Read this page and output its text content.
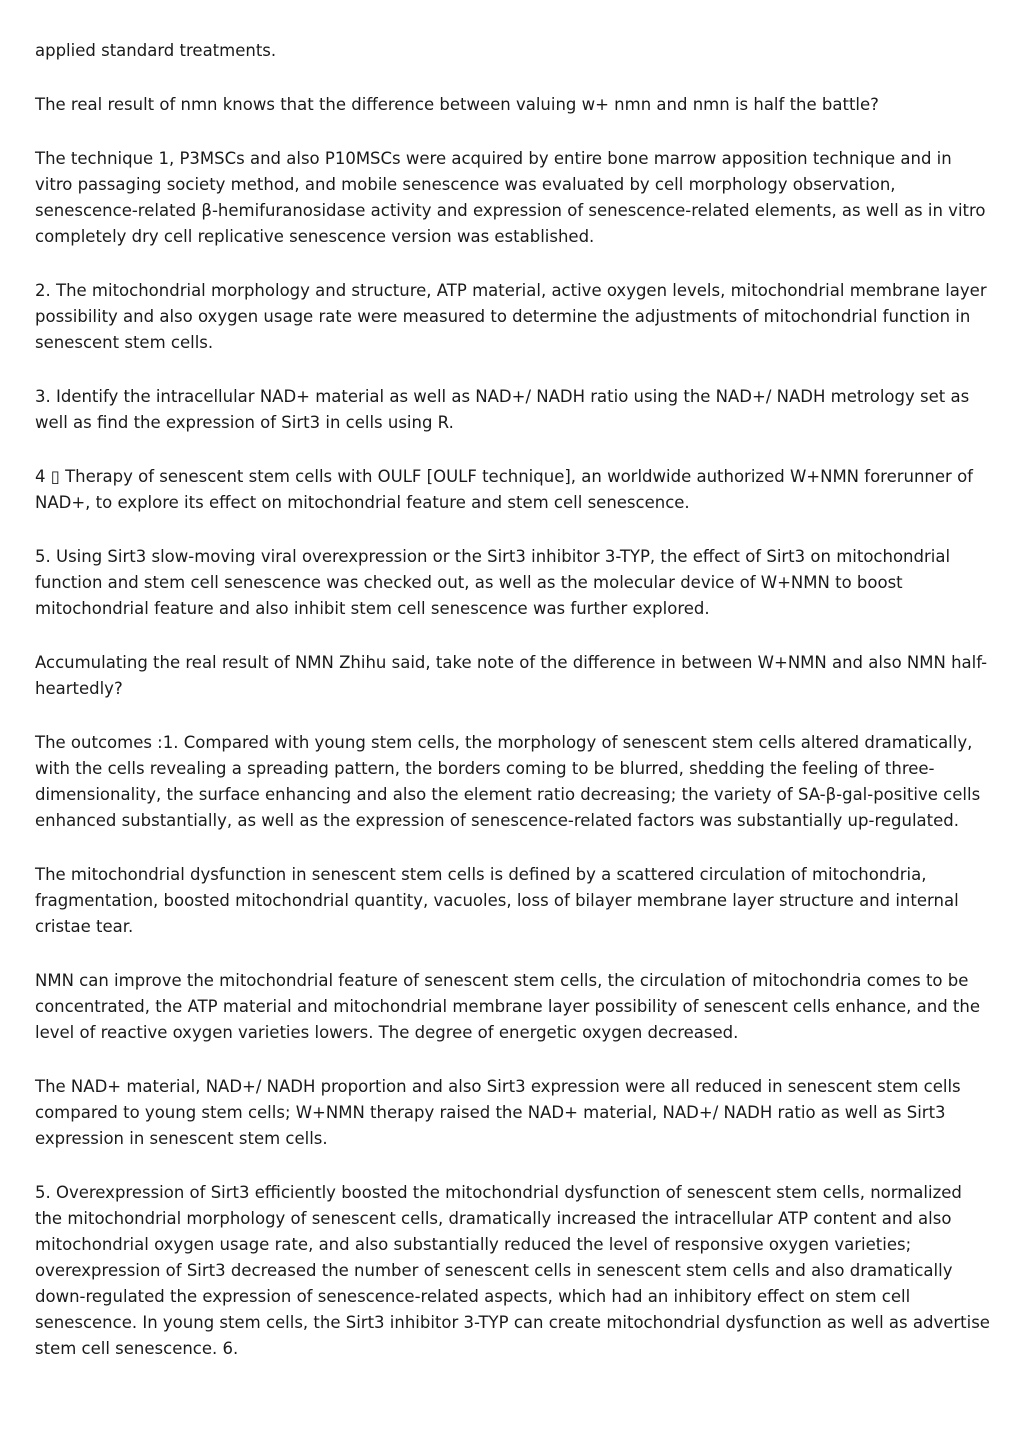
applied standard treatments.

The real result of nmn knows that the difference between valuing w+ nmn and nmn is half the battle?

The technique 1, P3MSCs and also P10MSCs were acquired by entire bone marrow apposition technique and in vitro passaging society method, and mobile senescence was evaluated by cell morphology observation, senescence-related β-hemifuranosidase activity and expression of senescence-related elements, as well as in vitro completely dry cell replicative senescence version was established.

2. The mitochondrial morphology and structure, ATP material, active oxygen levels, mitochondrial membrane layer possibility and also oxygen usage rate were measured to determine the adjustments of mitochondrial function in senescent stem cells.

3. Identify the intracellular NAD+ material as well as NAD+/ NADH ratio using the NAD+/ NADH metrology set as well as find the expression of Sirt3 in cells using R.

4 ▯ Therapy of senescent stem cells with OULF [OULF technique], an worldwide authorized W+NMN forerunner of NAD+, to explore its effect on mitochondrial feature and stem cell senescence.

5. Using Sirt3 slow-moving viral overexpression or the Sirt3 inhibitor 3-TYP, the effect of Sirt3 on mitochondrial function and stem cell senescence was checked out, as well as the molecular device of W+NMN to boost mitochondrial feature and also inhibit stem cell senescence was further explored.

Accumulating the real result of NMN Zhihu said, take note of the difference in between W+NMN and also NMN half-heartedly?

The outcomes :1. Compared with young stem cells, the morphology of senescent stem cells altered dramatically, with the cells revealing a spreading pattern, the borders coming to be blurred, shedding the feeling of three-dimensionality, the surface enhancing and also the element ratio decreasing; the variety of SA-β-gal-positive cells enhanced substantially, as well as the expression of senescence-related factors was substantially up-regulated.

The mitochondrial dysfunction in senescent stem cells is defined by a scattered circulation of mitochondria, fragmentation, boosted mitochondrial quantity, vacuoles, loss of bilayer membrane layer structure and internal cristae tear.

NMN can improve the mitochondrial feature of senescent stem cells, the circulation of mitochondria comes to be concentrated, the ATP material and mitochondrial membrane layer possibility of senescent cells enhance, and the level of reactive oxygen varieties lowers. The degree of energetic oxygen decreased.

The NAD+ material, NAD+/ NADH proportion and also Sirt3 expression were all reduced in senescent stem cells compared to young stem cells; W+NMN therapy raised the NAD+ material, NAD+/ NADH ratio as well as Sirt3 expression in senescent stem cells.

5. Overexpression of Sirt3 efficiently boosted the mitochondrial dysfunction of senescent stem cells, normalized the mitochondrial morphology of senescent cells, dramatically increased the intracellular ATP content and also mitochondrial oxygen usage rate, and also substantially reduced the level of responsive oxygen varieties; overexpression of Sirt3 decreased the number of senescent cells in senescent stem cells and also dramatically down-regulated the expression of senescence-related aspects, which had an inhibitory effect on stem cell senescence. In young stem cells, the Sirt3 inhibitor 3-TYP can create mitochondrial dysfunction as well as advertise stem cell senescence. 6.
